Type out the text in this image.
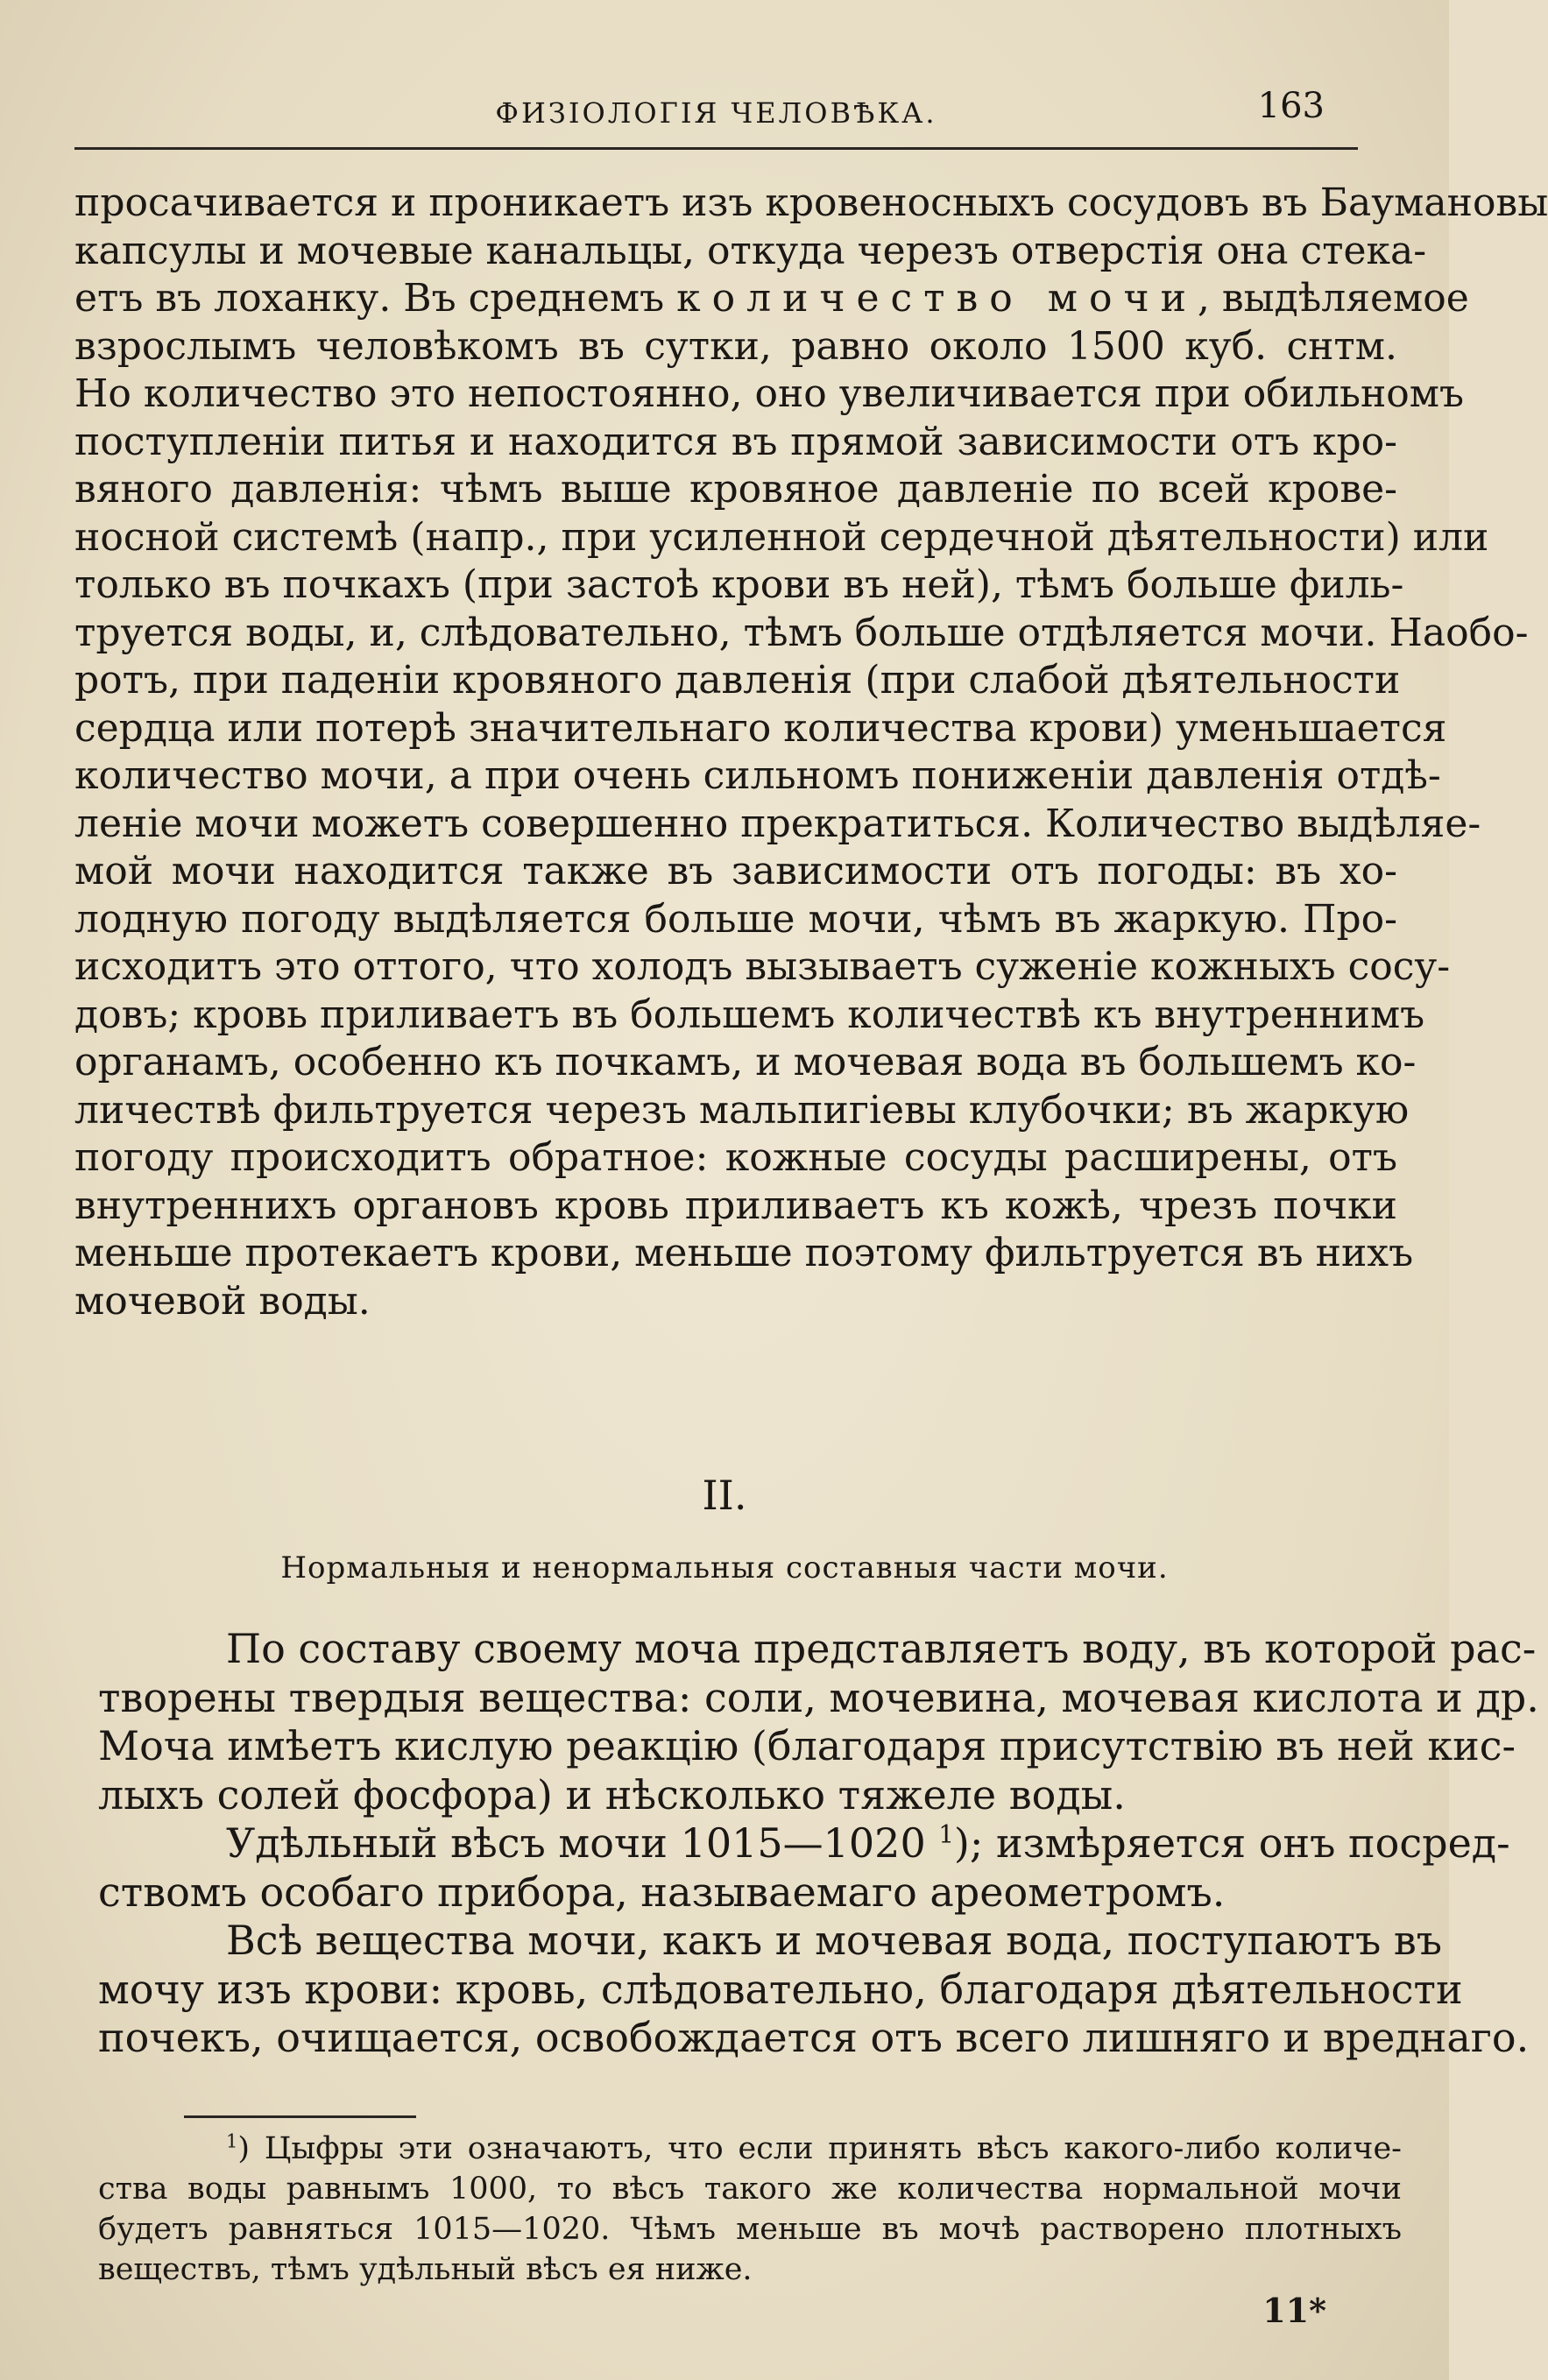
ФИЗІОЛОГІЯ ЧЕЛОВѢКА.	163
просачивается и проникаетъ изъ кровеносныхъ сосудовъ въ Баумановы
капсулы и мочевые канальцы, откуда черезъ отверстія она стека-
етъ въ лоханку. Въ среднемъ количество мочи, выдѣляемое
взрослымъ человѣкомъ въ сутки, равно около 1500 куб. снтм.
Но количество это непостоянно, оно увеличивается при обильномъ
поступленіи питья и находится въ прямой зависимости отъ кро-
вяного давленія: чѣмъ выше кровяное давленіе по всей крове-
носной системѣ (напр., при усиленной сердечной дѣятельности) или
только въ почкахъ (при застоѣ крови въ ней), тѣмъ больше филь-
труется воды, и, слѣдовательно, тѣмъ больше отдѣляется мочи. Наобо-
ротъ, при паденіи кровяного давленія (при слабой дѣятельности
сердца или потерѣ значительнаго количества крови) уменьшается
количество мочи, а при очень сильномъ пониженіи давленія отдѣ-
леніе мочи можетъ совершенно прекратиться. Количество выдѣляе-
мой мочи находится также въ зависимости отъ погоды: въ хо-
лодную погоду выдѣляется больше мочи, чѣмъ въ жаркую. Про-
исходитъ это оттого, что холодъ вызываетъ суженіе кожныхъ сосу-
довъ; кровь приливаетъ въ большемъ количествѣ къ внутреннимъ
органамъ, особенно къ почкамъ, и мочевая вода въ большемъ ко-
личествѣ фильтруется черезъ мальпигіевы клубочки; въ жаркую
погоду происходитъ обратное: кожные сосуды расширены, отъ
внутреннихъ органовъ кровь приливаетъ къ кожѣ, чрезъ почки
меньше протекаетъ крови, меньше поэтому фильтруется въ нихъ
мочевой воды.
II.
Нормальныя и ненормальныя составныя части мочи.
По составу своему моча представляетъ воду, въ которой рас-
творены твердыя вещества: соли, мочевина, мочевая кислота и др.
Моча имѣетъ кислую реакцію (благодаря присутствію въ ней кис-
лыхъ солей фосфора) и нѣсколько тяжеле воды.
Удѣльный вѣсъ мочи 1015—1020 $^1$); измѣряется онъ посред-
ствомъ особаго прибора, называемаго ареометромъ.
Всѣ вещества мочи, какъ и мочевая вода, поступаютъ въ
мочу изъ крови: кровь, слѣдовательно, благодаря дѣятельности
почекъ, очищается, освобождается отъ всего лишняго и вреднаго.
$^1$) Цыфры эти означаютъ, что если принять вѣсъ какого-либо количе-
ства воды равнымъ 1000, то вѣсъ такого же количества нормальной мочи
будетъ равняться 1015—1020. Чѣмъ меньше въ мочѣ растворено плотныхъ
веществъ, тѣмъ удѣльный вѣсъ ея ниже.
11*
